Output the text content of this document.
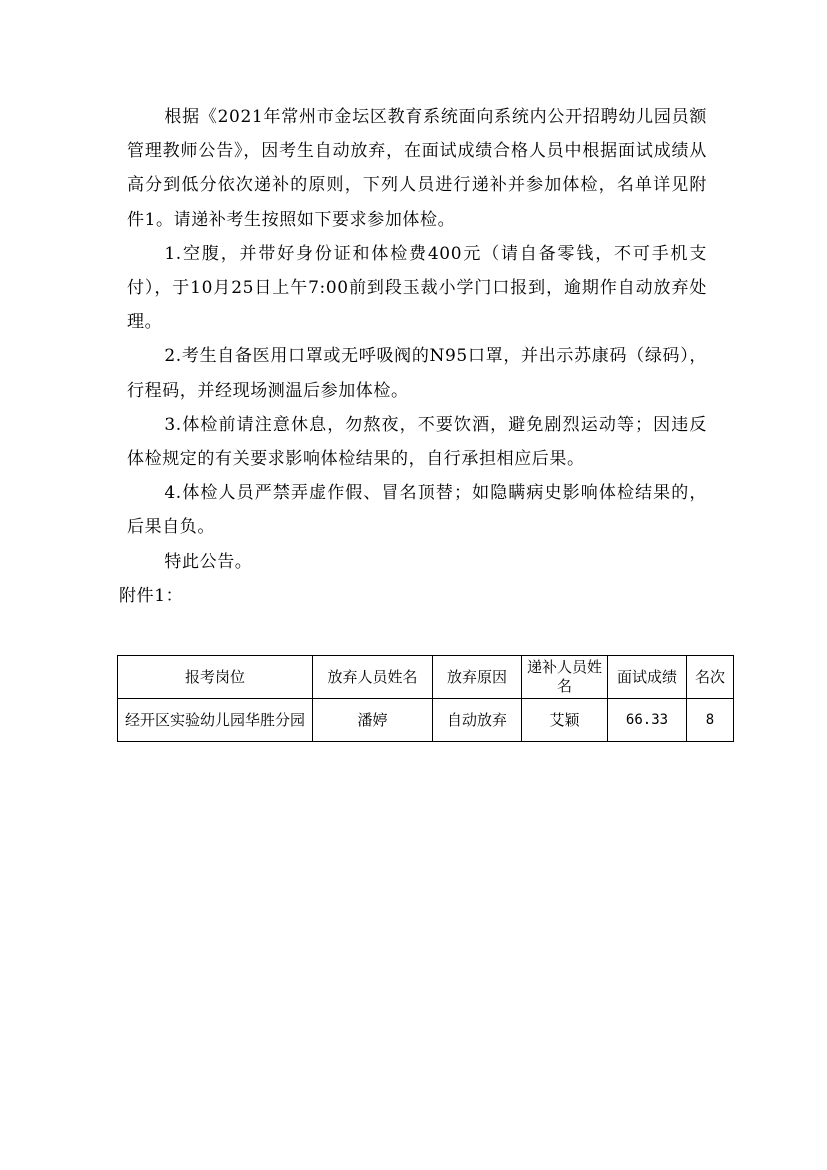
根据《2021年常州市金坛区教育系统面向系统内公开招聘幼儿园员额管理教师公告》，因考生自动放弃，在面试成绩合格人员中根据面试成绩从高分到低分依次递补的原则，下列人员进行递补并参加体检，名单详见附件1。请递补考生按照如下要求参加体检。

1.空腹，并带好身份证和体检费400元（请自备零钱，不可手机支付），于10月25日上午7:00前到段玉裁小学门口报到，逾期作自动放弃处理。

2.考生自备医用口罩或无呼吸阀的N95口罩，并出示苏康码（绿码），行程码，并经现场测温后参加体检。

3.体检前请注意休息，勿熬夜，不要饮酒，避免剧烈运动等；因违反体检规定的有关要求影响体检结果的，自行承担相应后果。

4.体检人员严禁弄虚作假、冒名顶替；如隐瞒病史影响体检结果的，后果自负。

特此公告。

附件1：

报考岗位	放弃人员姓名	放弃原因	递补人员姓名	面试成绩	名次
经开区实验幼儿园华胜分园	潘婷	自动放弃	艾颖	66.33	8
